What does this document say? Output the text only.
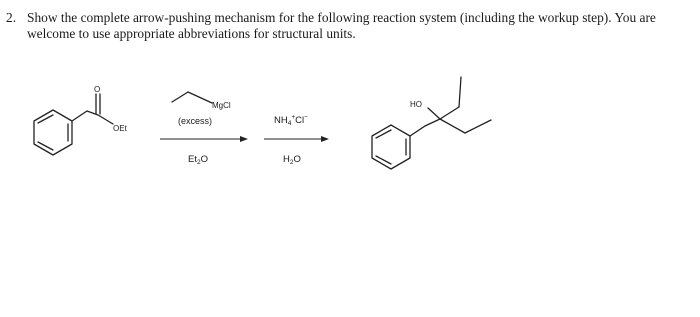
2. Show the complete arrow-pushing mechanism for the following reaction system (including the workup step). You are welcome to use appropriate abbreviations for structural units.
O
OEt
MgCl
(excess)
$Et_2O$
$NH_4^+Cl^-$
$H_2O$
HO
